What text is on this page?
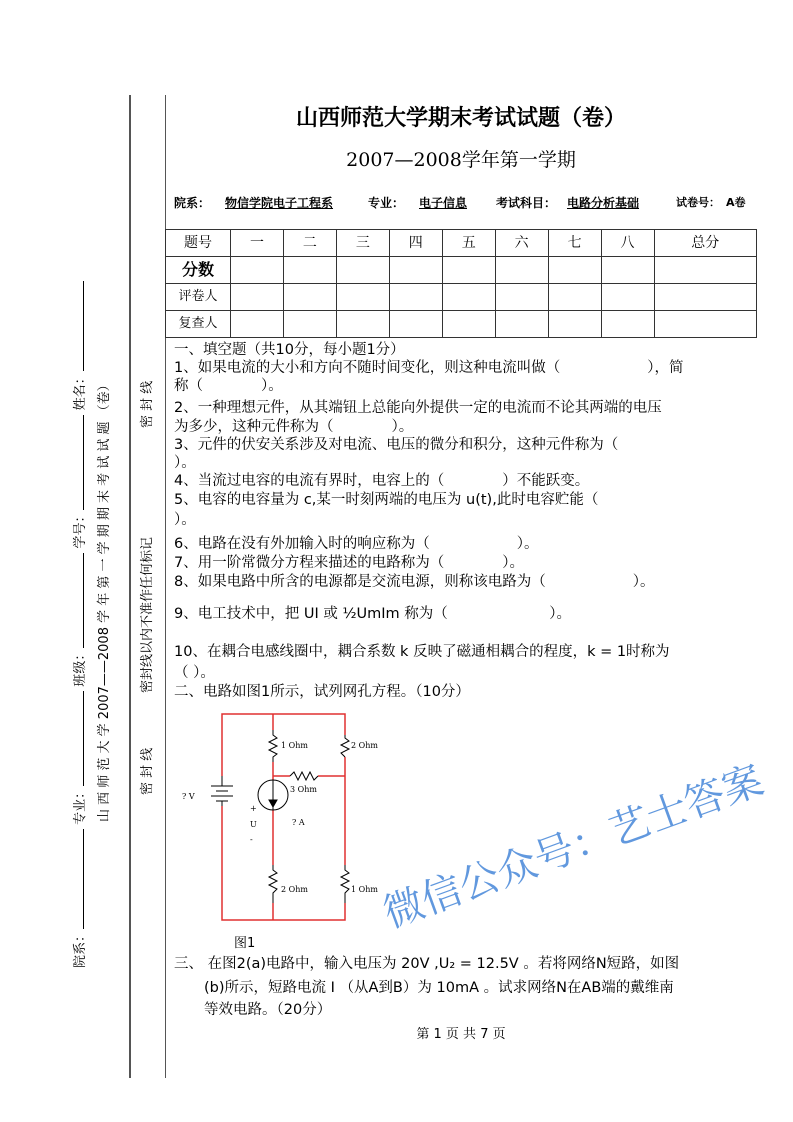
院系： 专业： 班级： 学号： 姓名： 山 西 师 范 大 学 2007——2008 学 年 第 一 学 期 期 末 考 试 试 题 （卷） 密 封 线
密封线以内不准作任何标记
密 封 线
山西师范大学期末考试试题（卷）
2007—2008学年第一学期
院系： 物信学院电子工程系	专业： 电子信息 考试科目： 电路分析基础	试卷号： A卷
题号	一	二	三	四	五	六	七	八	总分
分数									
评卷人									
复查人									
一、填空题（共10分，每小题1分）
1、如果电流的大小和方向不随时间变化，则这种电流叫做（　　　　　　），简
称（　　　　）。
2、一种理想元件，从其端钮上总能向外提供一定的电流而不论其两端的电压
为多少，这种元件称为（　　　　）。
3、元件的伏安关系涉及对电流、电压的微分和积分，这种元件称为（
）。
4、当流过电容的电流有界时，电容上的（　　　　）不能跃变。
5、电容的电容量为 c,某一时刻两端的电压为 u(t),此时电容贮能（
）。
6、电路在没有外加输入时的响应称为（　　　　　　）。
7、用一阶常微分方程来描述的电路称为（　　　　）。
8、如果电路中所含的电源都是交流电源，则称该电路为（　　　　　　）。
9、电工技术中，把 UI 或 ½UmIm 称为（　　　　　　　）。
10、在耦合电感线圈中，耦合系数 k 反映了磁通相耦合的程度，k = 1时称为
（ ）。
二、电路如图1所示，试列网孔方程。（10分）
1 Ohm	2 Ohm
3 Ohm
? V
? A
+
U
-
2 Ohm	1 Ohm
图1
三、 在图2(a)电路中，输入电压为 20V ,U₂ = 12.5V 。若将网络N短路，如图
(b)所示，短路电流 I （从A到B）为 10mA 。试求网络N在AB端的戴维南
等效电路。（20分）
第 1 页 共 7 页
微信公众号：艺士答案
